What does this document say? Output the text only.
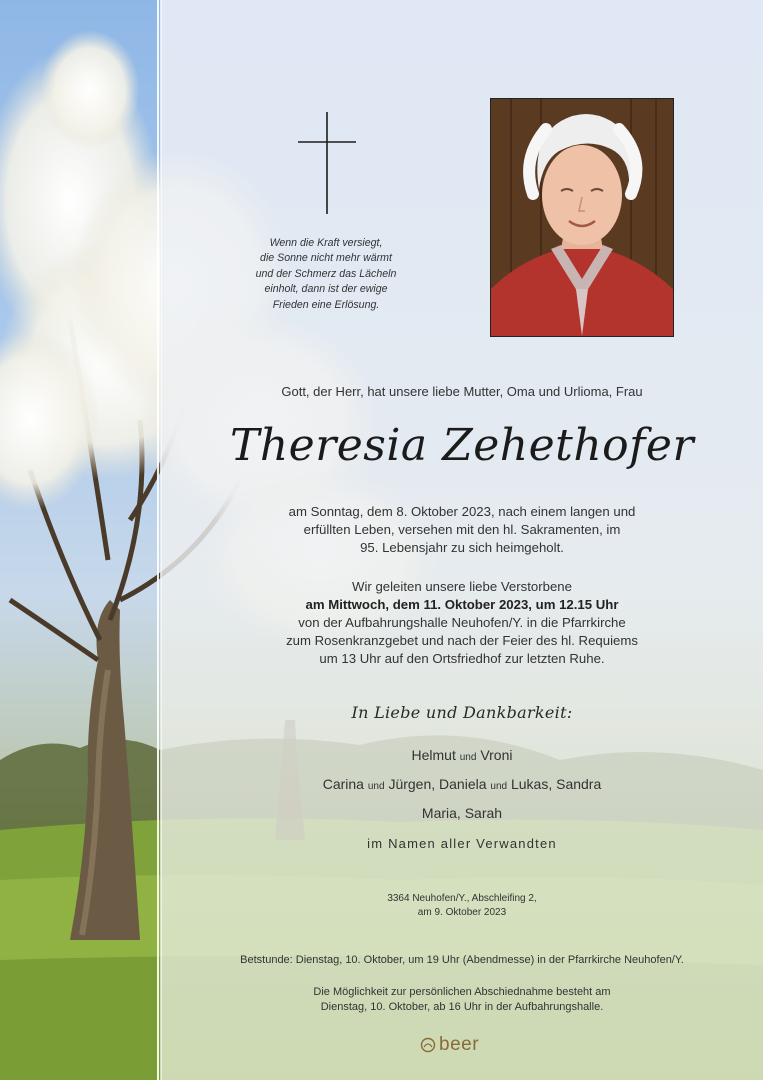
Wenn die Kraft versiegt,
die Sonne nicht mehr wärmt
und der Schmerz das Lächeln
einholt, dann ist der ewige
Frieden eine Erlösung.
Gott, der Herr, hat unsere liebe Mutter, Oma und Urlioma, Frau
Theresia Zehethofer
am Sonntag, dem 8. Oktober 2023, nach einem langen und
erfüllten Leben, versehen mit den hl. Sakramenten, im
95. Lebensjahr zu sich heimgeholt.
Wir geleiten unsere liebe Verstorbene
am Mittwoch, dem 11. Oktober 2023, um 12.15 Uhr
von der Aufbahrungshalle Neuhofen/Y. in die Pfarrkirche
zum Rosenkranzgebet und nach der Feier des hl. Requiems
um 13 Uhr auf den Ortsfriedhof zur letzten Ruhe.
In Liebe und Dankbarkeit:
Helmut und Vroni
Carina und Jürgen, Daniela und Lukas, Sandra
Maria, Sarah
im Namen aller Verwandten
3364 Neuhofen/Y., Abschleifing 2,
am 9. Oktober 2023
Betstunde: Dienstag, 10. Oktober, um 19 Uhr (Abendmesse) in der Pfarrkirche Neuhofen/Y.
Die Möglichkeit zur persönlichen Abschiednahme besteht am
Dienstag, 10. Oktober, ab 16 Uhr in der Aufbahrungshalle.
beer
